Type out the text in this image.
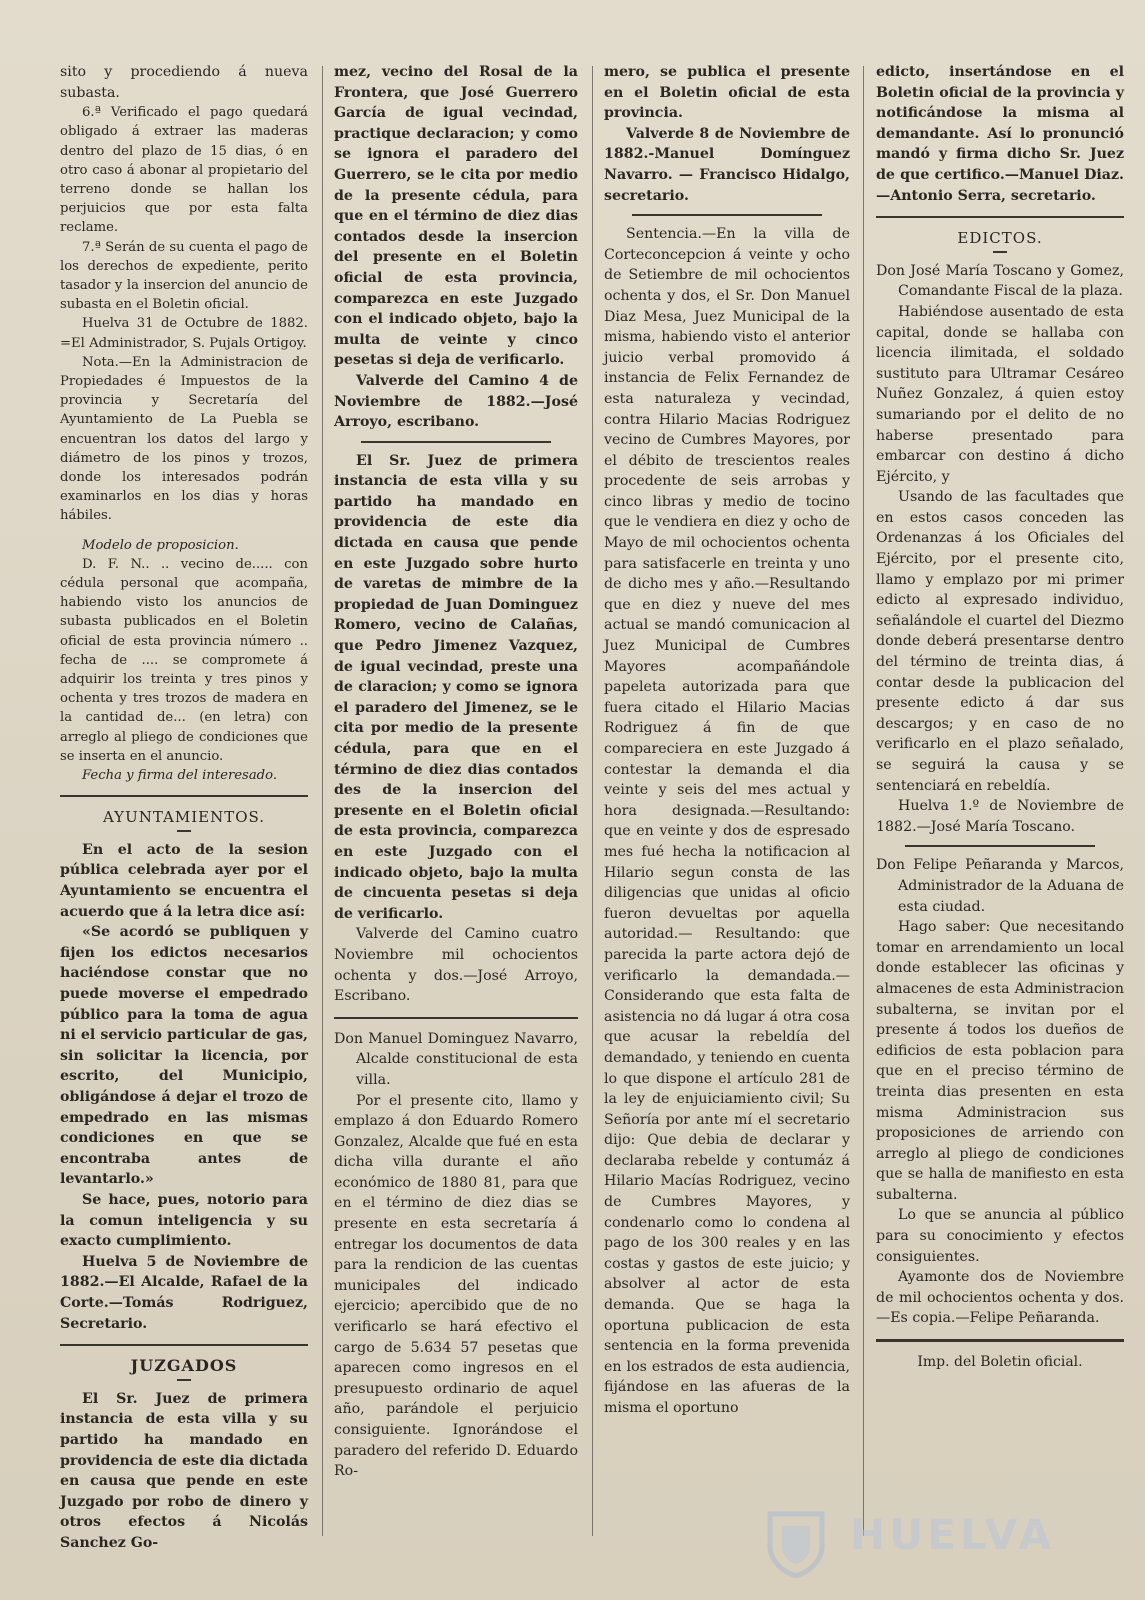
sito y procediendo á nueva subasta.

6.ª Verificado el pago quedará obligado á extraer las maderas dentro del plazo de 15 dias, ó en otro caso á abonar al propietario del terreno donde se hallan los perjuicios que por esta falta reclame.

7.ª Serán de su cuenta el pago de los derechos de expediente, perito tasador y la insercion del anuncio de subasta en el Boletin oficial.

Huelva 31 de Octubre de 1882. =El Administrador, S. Pujals Ortigoy.

Nota.—En la Administracion de Propiedades é Impuestos de la provincia y Secretaría del Ayuntamiento de La Puebla se encuentran los datos del largo y diámetro de los pinos y trozos, donde los interesados podrán examinarlos en los dias y horas hábiles.

Modelo de proposicion.

D. F. N.. .. vecino de..... con cédula personal que acompaña, habiendo visto los anuncios de subasta publicados en el Boletin oficial de esta provincia número .. fecha de .... se compromete á adquirir los treinta y tres pinos y ochenta y tres trozos de madera en la cantidad de... (en letra) con arreglo al pliego de condiciones que se inserta en el anuncio.

Fecha y firma del interesado.

AYUNTAMIENTOS.

En el acto de la sesion pública celebrada ayer por el Ayuntamiento se encuentra el acuerdo que á la letra dice así:

«Se acordó se publiquen y fijen los edictos necesarios haciéndose constar que no puede moverse el empedrado público para la toma de agua ni el servicio particular de gas, sin solicitar la licencia, por escrito, del Municipio, obligándose á dejar el trozo de empedrado en las mismas condiciones en que se encontraba antes de levantarlo.»

Se hace, pues, notorio para la comun inteligencia y su exacto cumplimiento.

Huelva 5 de Noviembre de 1882.—El Alcalde, Rafael de la Corte.—Tomás Rodriguez, Secretario.

JUZGADOS

El Sr. Juez de primera instancia de esta villa y su partido ha mandado en providencia de este dia dictada en causa que pende en este Juzgado por robo de dinero y otros efectos á Nicolás Sanchez Go-

mez, vecino del Rosal de la Frontera, que José Guerrero García de igual vecindad, practique declaracion; y como se ignora el paradero del Guerrero, se le cita por medio de la presente cédula, para que en el término de diez dias contados desde la insercion del presente en el Boletin oficial de esta provincia, comparezca en este Juzgado con el indicado objeto, bajo la multa de veinte y cinco pesetas si deja de verificarlo.

Valverde del Camino 4 de Noviembre de 1882.—José Arroyo, escribano.

El Sr. Juez de primera instancia de esta villa y su partido ha mandado en providencia de este dia dictada en causa que pende en este Juzgado sobre hurto de varetas de mimbre de la propiedad de Juan Dominguez Romero, vecino de Calañas, que Pedro Jimenez Vazquez, de igual vecindad, preste una de claracion; y como se ignora el paradero del Jimenez, se le cita por medio de la presente cédula, para que en el término de diez dias contados des de la insercion del presente en el Boletin oficial de esta provincia, comparezca en este Juzgado con el indicado objeto, bajo la multa de cincuenta pesetas si deja de verificarlo.

Valverde del Camino cuatro Noviembre mil ochocientos ochenta y dos.—José Arroyo, Escribano.

Don Manuel Dominguez Navarro, Alcalde constitucional de esta villa.

Por el presente cito, llamo y emplazo á don Eduardo Romero Gonzalez, Alcalde que fué en esta dicha villa durante el año económico de 1880 81, para que en el término de diez dias se presente en esta secretaría á entregar los documentos de data para la rendicion de las cuentas municipales del indicado ejercicio; apercibido que de no verificarlo se hará efectivo el cargo de 5.634 57 pesetas que aparecen como ingresos en el presupuesto ordinario de aquel año, parándole el perjuicio consiguiente. Ignorándose el paradero del referido D. Eduardo Ro-

mero, se publica el presente en el Boletin oficial de esta provincia.

Valverde 8 de Noviembre de 1882.-Manuel Domínguez Navarro. — Francisco Hidalgo, secretario.

Sentencia.—En la villa de Corteconcepcion á veinte y ocho de Setiembre de mil ochocientos ochenta y dos, el Sr. Don Manuel Diaz Mesa, Juez Municipal de la misma, habiendo visto el anterior juicio verbal promovido á instancia de Felix Fernandez de esta naturaleza y vecindad, contra Hilario Macias Rodriguez vecino de Cumbres Mayores, por el débito de trescientos reales procedente de seis arrobas y cinco libras y medio de tocino que le vendiera en diez y ocho de Mayo de mil ochocientos ochenta para satisfacerle en treinta y uno de dicho mes y año.—Resultando que en diez y nueve del mes actual se mandó comunicacion al Juez Municipal de Cumbres Mayores acompañándole papeleta autorizada para que fuera citado el Hilario Macias Rodriguez á fin de que compareciera en este Juzgado á contestar la demanda el dia veinte y seis del mes actual y hora designada.—Resultando: que en veinte y dos de espresado mes fué hecha la notificacion al Hilario segun consta de las diligencias que unidas al oficio fueron devueltas por aquella autoridad.— Resultando: que parecida la parte actora dejó de verificarlo la demandada.— Considerando que esta falta de asistencia no dá lugar á otra cosa que acusar la rebeldía del demandado, y teniendo en cuenta lo que dispone el artículo 281 de la ley de enjuiciamiento civil; Su Señoría por ante mí el secretario dijo: Que debia de declarar y declaraba rebelde y contumáz á Hilario Macías Rodriguez, vecino de Cumbres Mayores, y condenarlo como lo condena al pago de los 300 reales y en las costas y gastos de este juicio; y absolver al actor de esta demanda. Que se haga la oportuna publicacion de esta sentencia en la forma prevenida en los estrados de esta audiencia, fijándose en las afueras de la misma el oportuno

edicto, insertándose en el Boletin oficial de la provincia y notificándose la misma al demandante. Así lo pronunció mandó y firma dicho Sr. Juez de que certifico.—Manuel Diaz.—Antonio Serra, secretario.

EDICTOS.

Don José María Toscano y Gomez, Comandante Fiscal de la plaza.

Habiéndose ausentado de esta capital, donde se hallaba con licencia ilimitada, el soldado sustituto para Ultramar Cesáreo Nuñez Gonzalez, á quien estoy sumariando por el delito de no haberse presentado para embarcar con destino á dicho Ejército, y

Usando de las facultades que en estos casos conceden las Ordenanzas á los Oficiales del Ejército, por el presente cito, llamo y emplazo por mi primer edicto al expresado individuo, señalándole el cuartel del Diezmo donde deberá presentarse dentro del término de treinta dias, á contar desde la publicacion del presente edicto á dar sus descargos; y en caso de no verificarlo en el plazo señalado, se seguirá la causa y se sentenciará en rebeldía.

Huelva 1.º de Noviembre de 1882.—José María Toscano.

Don Felipe Peñaranda y Marcos, Administrador de la Aduana de esta ciudad.

Hago saber: Que necesitando tomar en arrendamiento un local donde establecer las oficinas y almacenes de esta Administracion subalterna, se invitan por el presente á todos los dueños de edificios de esta poblacion para que en el preciso término de treinta dias presenten en esta misma Administracion sus proposiciones de arriendo con arreglo al pliego de condiciones que se halla de manifiesto en esta subalterna.

Lo que se anuncia al público para su conocimiento y efectos consiguientes.

Ayamonte dos de Noviembre de mil ochocientos ochenta y dos.—Es copia.—Felipe Peñaranda.

Imp. del Boletin oficial.

HUELVA
